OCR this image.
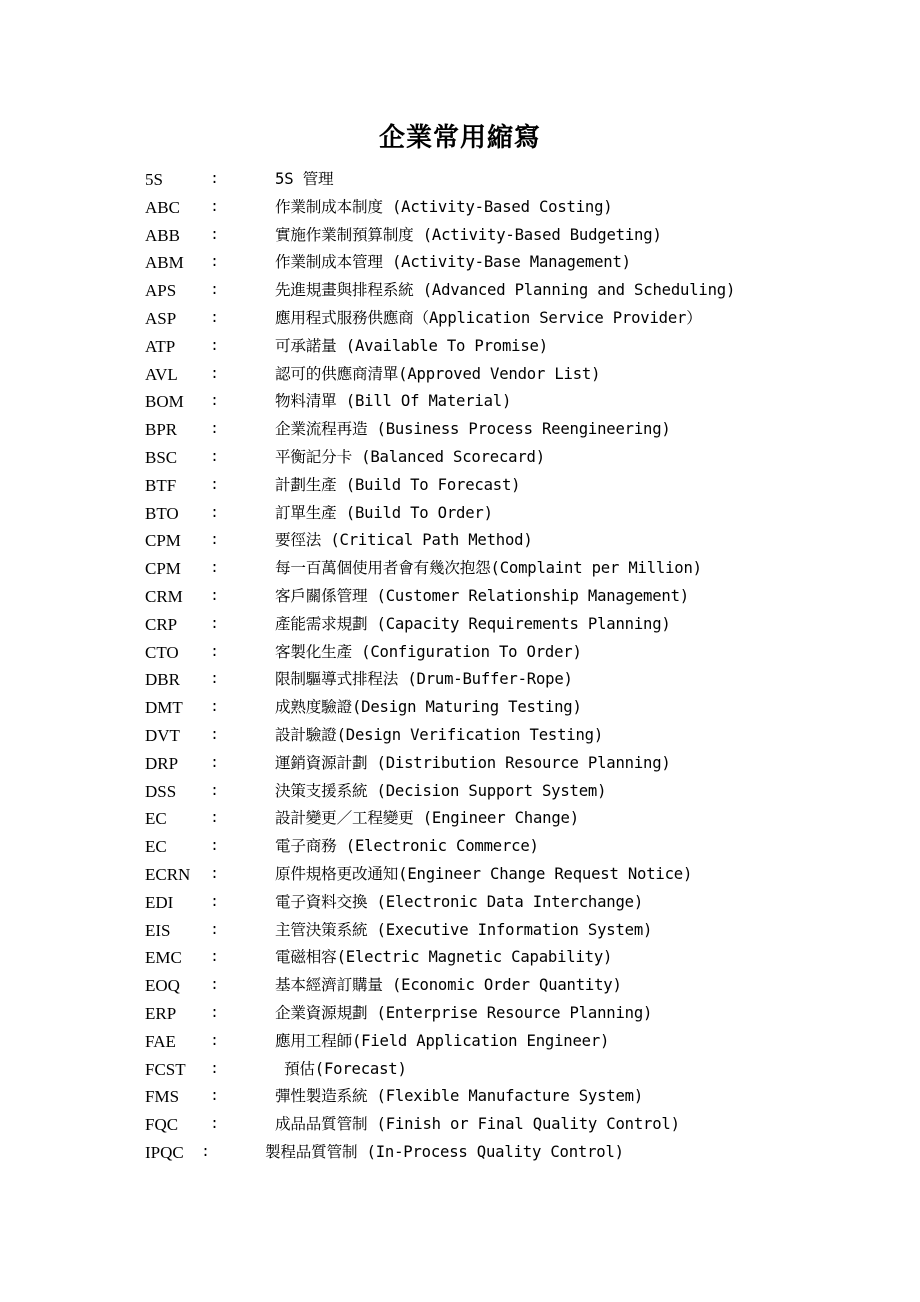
企業常用縮寫
5S	:	5S 管理
ABC :	作業制成本制度 (Activity-Based Costing)
ABB :	實施作業制預算制度 (Activity-Based Budgeting)
ABM :	作業制成本管理 (Activity-Base Management)
APS :	先進規畫與排程系統 (Advanced Planning and Scheduling)
ASP :	應用程式服務供應商（Application Service Provider）
ATP :	可承諾量 (Available To Promise)
AVL :	認可的供應商清單(Approved Vendor List)
BOM :	物料清單 (Bill Of Material)
BPR :	企業流程再造 (Business Process Reengineering)
BSC :	平衡記分卡 (Balanced Scorecard)
BTF :	計劃生產 (Build To Forecast)
BTO :	訂單生產 (Build To Order)
CPM :	要徑法 (Critical Path Method)
CPM :	每一百萬個使用者會有幾次抱怨(Complaint per Million)
CRM :	客戶關係管理 (Customer Relationship Management)
CRP :	產能需求規劃 (Capacity Requirements Planning)
CTO :	客製化生產 (Configuration To Order)
DBR :	限制驅導式排程法 (Drum-Buffer-Rope)
DMT :	成熟度驗證(Design Maturing Testing)
DVT :	設計驗證(Design Verification Testing)
DRP :	運銷資源計劃 (Distribution Resource Planning)
DSS :	決策支援系統 (Decision Support System)
EC	:	設計變更／工程變更 (Engineer Change)
EC	:	電子商務 (Electronic Commerce)
ECRN :	原件規格更改通知(Engineer Change Request Notice)
EDI :	電子資料交換 (Electronic Data Interchange)
EIS	:	主管決策系統 (Executive Information System)
EMC :	電磁相容(Electric Magnetic Capability)
EOQ :	基本經濟訂購量 (Economic Order Quantity)
ERP :	企業資源規劃 (Enterprise Resource Planning)
FAE :	應用工程師(Field Application Engineer)
FCST :	預估(Forecast)
FMS :	彈性製造系統 (Flexible Manufacture System)
FQC :	成品品質管制 (Finish or Final Quality Control)
IPQC :	製程品質管制 (In-Process Quality Control)
